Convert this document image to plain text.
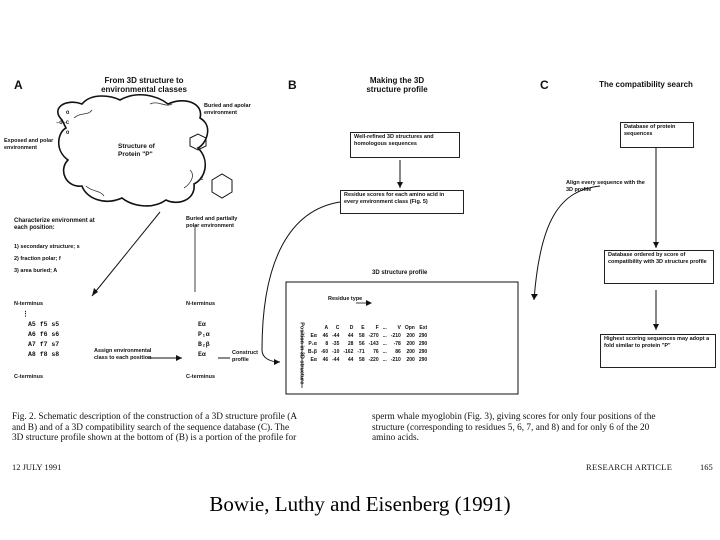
A	From 3D structure to environmental classes
Buried and apolar environment
Exposed and polar environment	Structure of Protein "P"
O
–O–C
O
C
Buried and partially polar environment
Characterize environment at each position:
1) secondary structure; s
2) fraction polar; f
3) area buried; A
N-terminus
⋮
A5 f5 s5
A6 f6 s6
A7 f7 s7
A8 f8 s8
C-terminus
Assign environmental class to each position
N-terminus
Eα
P₁α
B₂β
Eα
C-terminus
Construct profile
B	Making the 3D structure profile
Well-refined 3D structures and homologous sequences
Residue scores for each amino acid in every environment class (Fig. 5)
3D structure profile
Residue type
Position in 3D structure
		A	C	D	E	F	...	V	Opn	Ext
Eα	46	-44	44	58	-270	...	-210	200	290
P₁α	8	-35	28	56	-143	...	-78	200	290
B₂β	-60	-10	-162	-71	76	...	86	200	290
Eα	46	-44	44	58	-220	...	-210	200	290
C	The compatibility search
Database of protein sequences
Align every sequence with the 3D profile
Database ordered by score of compatibility with 3D structure profile
Highest scoring sequences may adopt a fold similar to protein "P"
Fig. 2. Schematic description of the construction of a 3D structure profile (A
and B) and of a 3D compatibility search of the sequence database (C). The
3D structure profile shown at the bottom of (B) is a portion of the profile for
sperm whale myoglobin (Fig. 3), giving scores for only four positions of the
structure (corresponding to residues 5, 6, 7, and 8) and for only 6 of the 20
amino acids.
12 JULY 1991	RESEARCH ARTICLE	165
Bowie, Luthy and Eisenberg (1991)
